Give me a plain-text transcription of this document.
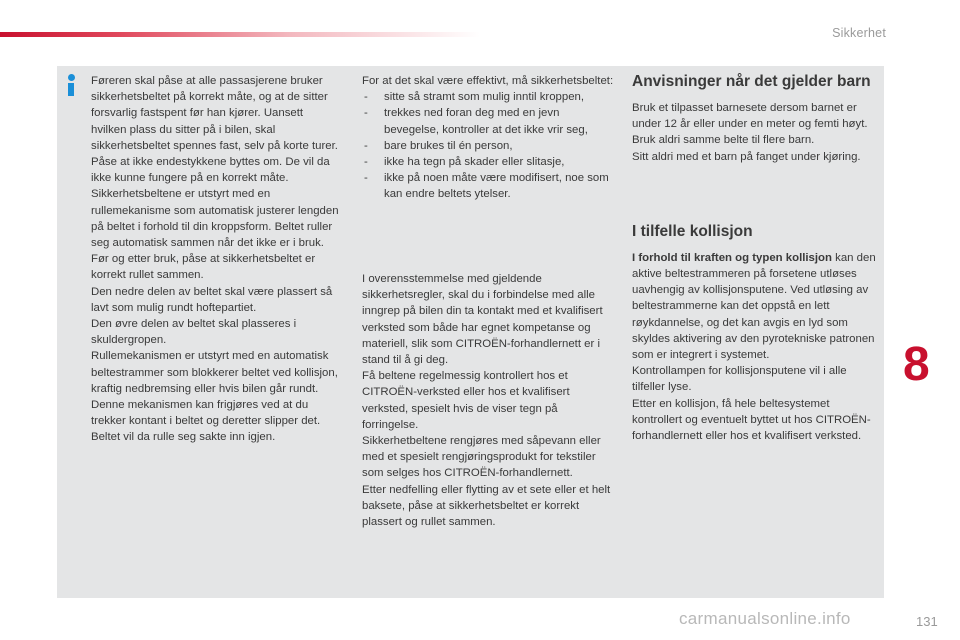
Sikkerhet

Føreren skal påse at alle passasjerene bruker sikkerhetsbeltet på korrekt måte, og at de sitter forsvarlig fastspent før han kjører. Uansett hvilken plass du sitter på i bilen, skal sikkerhetsbeltet spennes fast, selv på korte turer.

Påse at ikke endestykkene byttes om. De vil da ikke kunne fungere på en korrekt måte.

Sikkerhetsbeltene er utstyrt med en rullemekanisme som automatisk justerer lengden på beltet i forhold til din kroppsform. Beltet ruller seg automatisk sammen når det ikke er i bruk.

Før og etter bruk, påse at sikkerhetsbeltet er korrekt rullet sammen.

Den nedre delen av beltet skal være plassert så lavt som mulig rundt hoftepartiet.

Den øvre delen av beltet skal plasseres i skuldergropen.

Rullemekanismen er utstyrt med en automatisk beltestrammer som blokkerer beltet ved kollisjon, kraftig nedbremsing eller hvis bilen går rundt. Denne mekanismen kan frigjøres ved at du trekker kontant i beltet og deretter slipper det. Beltet vil da rulle seg sakte inn igjen.

For at det skal være effektivt, må sikkerhetsbeltet:

- sitte så stramt som mulig inntil kroppen,
- trekkes ned foran deg med en jevn bevegelse, kontroller at det ikke vrir seg,
- bare brukes til én person,
- ikke ha tegn på skader eller slitasje,
- ikke på noen måte være modifisert, noe som kan endre beltets ytelser.

I overensstemmelse med gjeldende sikkerhetsregler, skal du i forbindelse med alle inngrep på bilen din ta kontakt med et kvalifisert verksted som både har egnet kompetanse og materiell, slik som CITROËN-forhandlernett er i stand til å gi deg.

Få beltene regelmessig kontrollert hos et CITROËN-verksted eller hos et kvalifisert verksted, spesielt hvis de viser tegn på forringelse.

Sikkerhetbeltene rengjøres med såpevann eller med et spesielt rengjøringsprodukt for tekstiler som selges hos CITROËN-forhandlernett.

Etter nedfelling eller flytting av et sete eller et helt baksete, påse at sikkerhetsbeltet er korrekt plassert og rullet sammen.

Anvisninger når det gjelder barn

Bruk et tilpasset barnesete dersom barnet er under 12 år eller under en meter og femti høyt.

Bruk aldri samme belte til flere barn.

Sitt aldri med et barn på fanget under kjøring.

I tilfelle kollisjon

I forhold til kraften og typen kollisjon kan den aktive beltestrammeren på forsetene utløses uavhengig av kollisjonsputene. Ved utløsing av beltestrammerne kan det oppstå en lett røykdannelse, og det kan avgis en lyd som skyldes aktivering av den pyrotekniske patronen som er integrert i systemet.

Kontrollampen for kollisjonsputene vil i alle tilfeller lyse.

Etter en kollisjon, få hele beltesystemet kontrollert og eventuelt byttet ut hos CITROËN-forhandlernett eller hos et kvalifisert verksted.

8
carmanualsonline.info	131
